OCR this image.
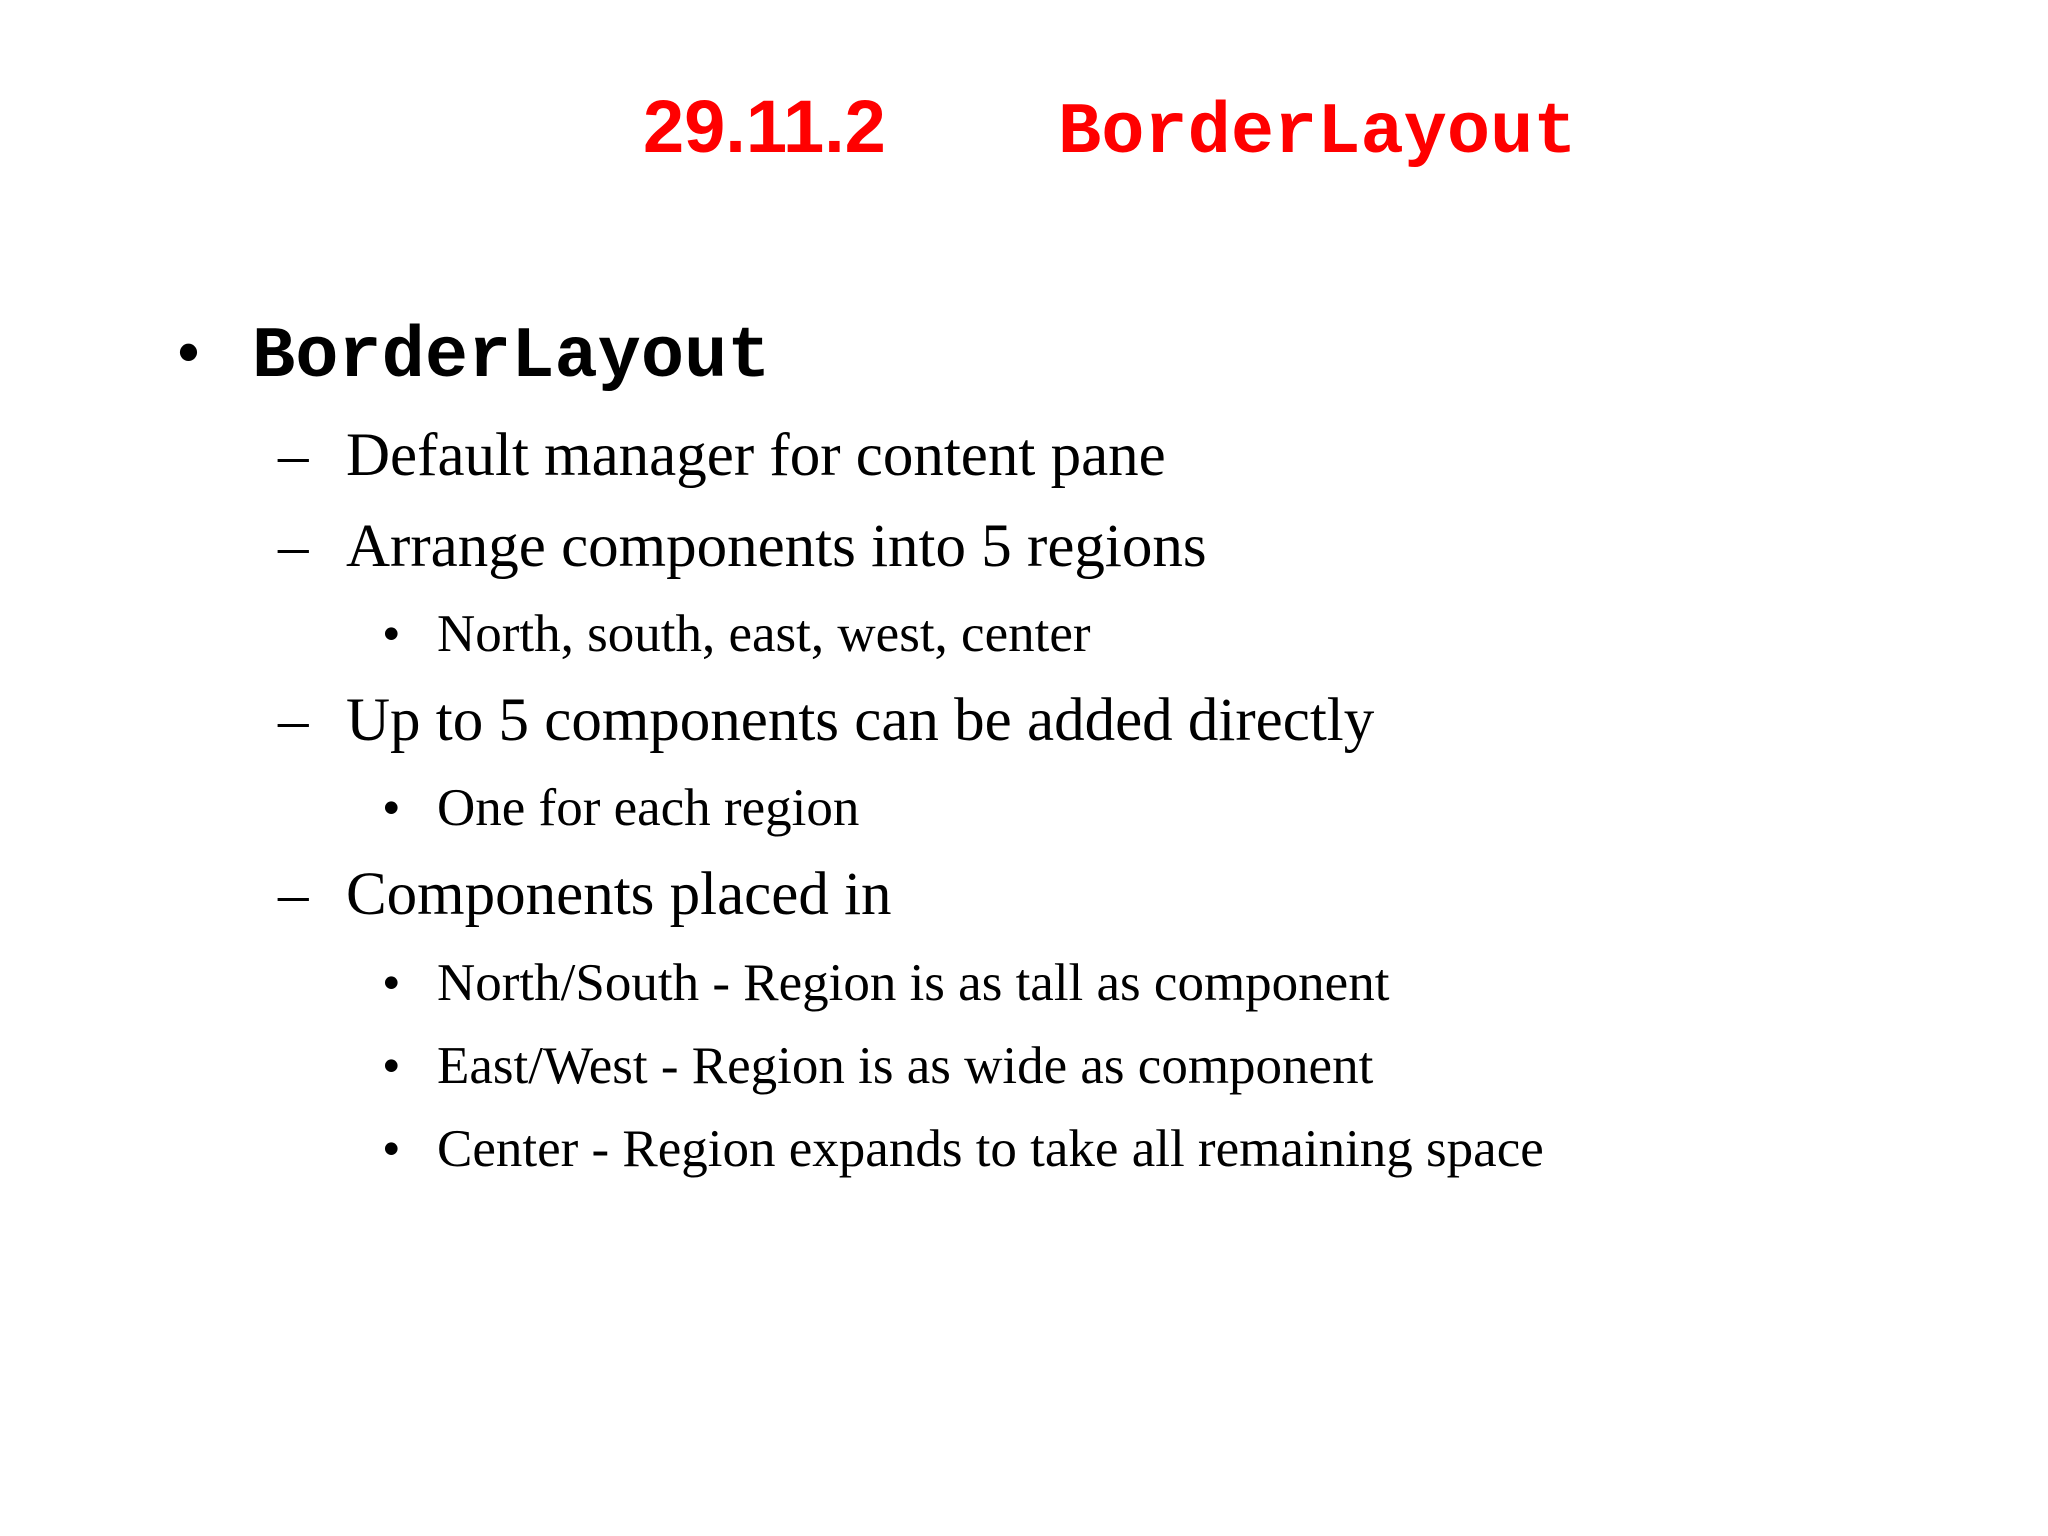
29.11.2 BorderLayout
• BorderLayout
– Default manager for content pane
– Arrange components into 5 regions
• North, south, east, west, center
– Up to 5 components can be added directly
• One for each region
– Components placed in
• North/South - Region is as tall as component
• East/West - Region is as wide as component
• Center - Region expands to take all remaining space
